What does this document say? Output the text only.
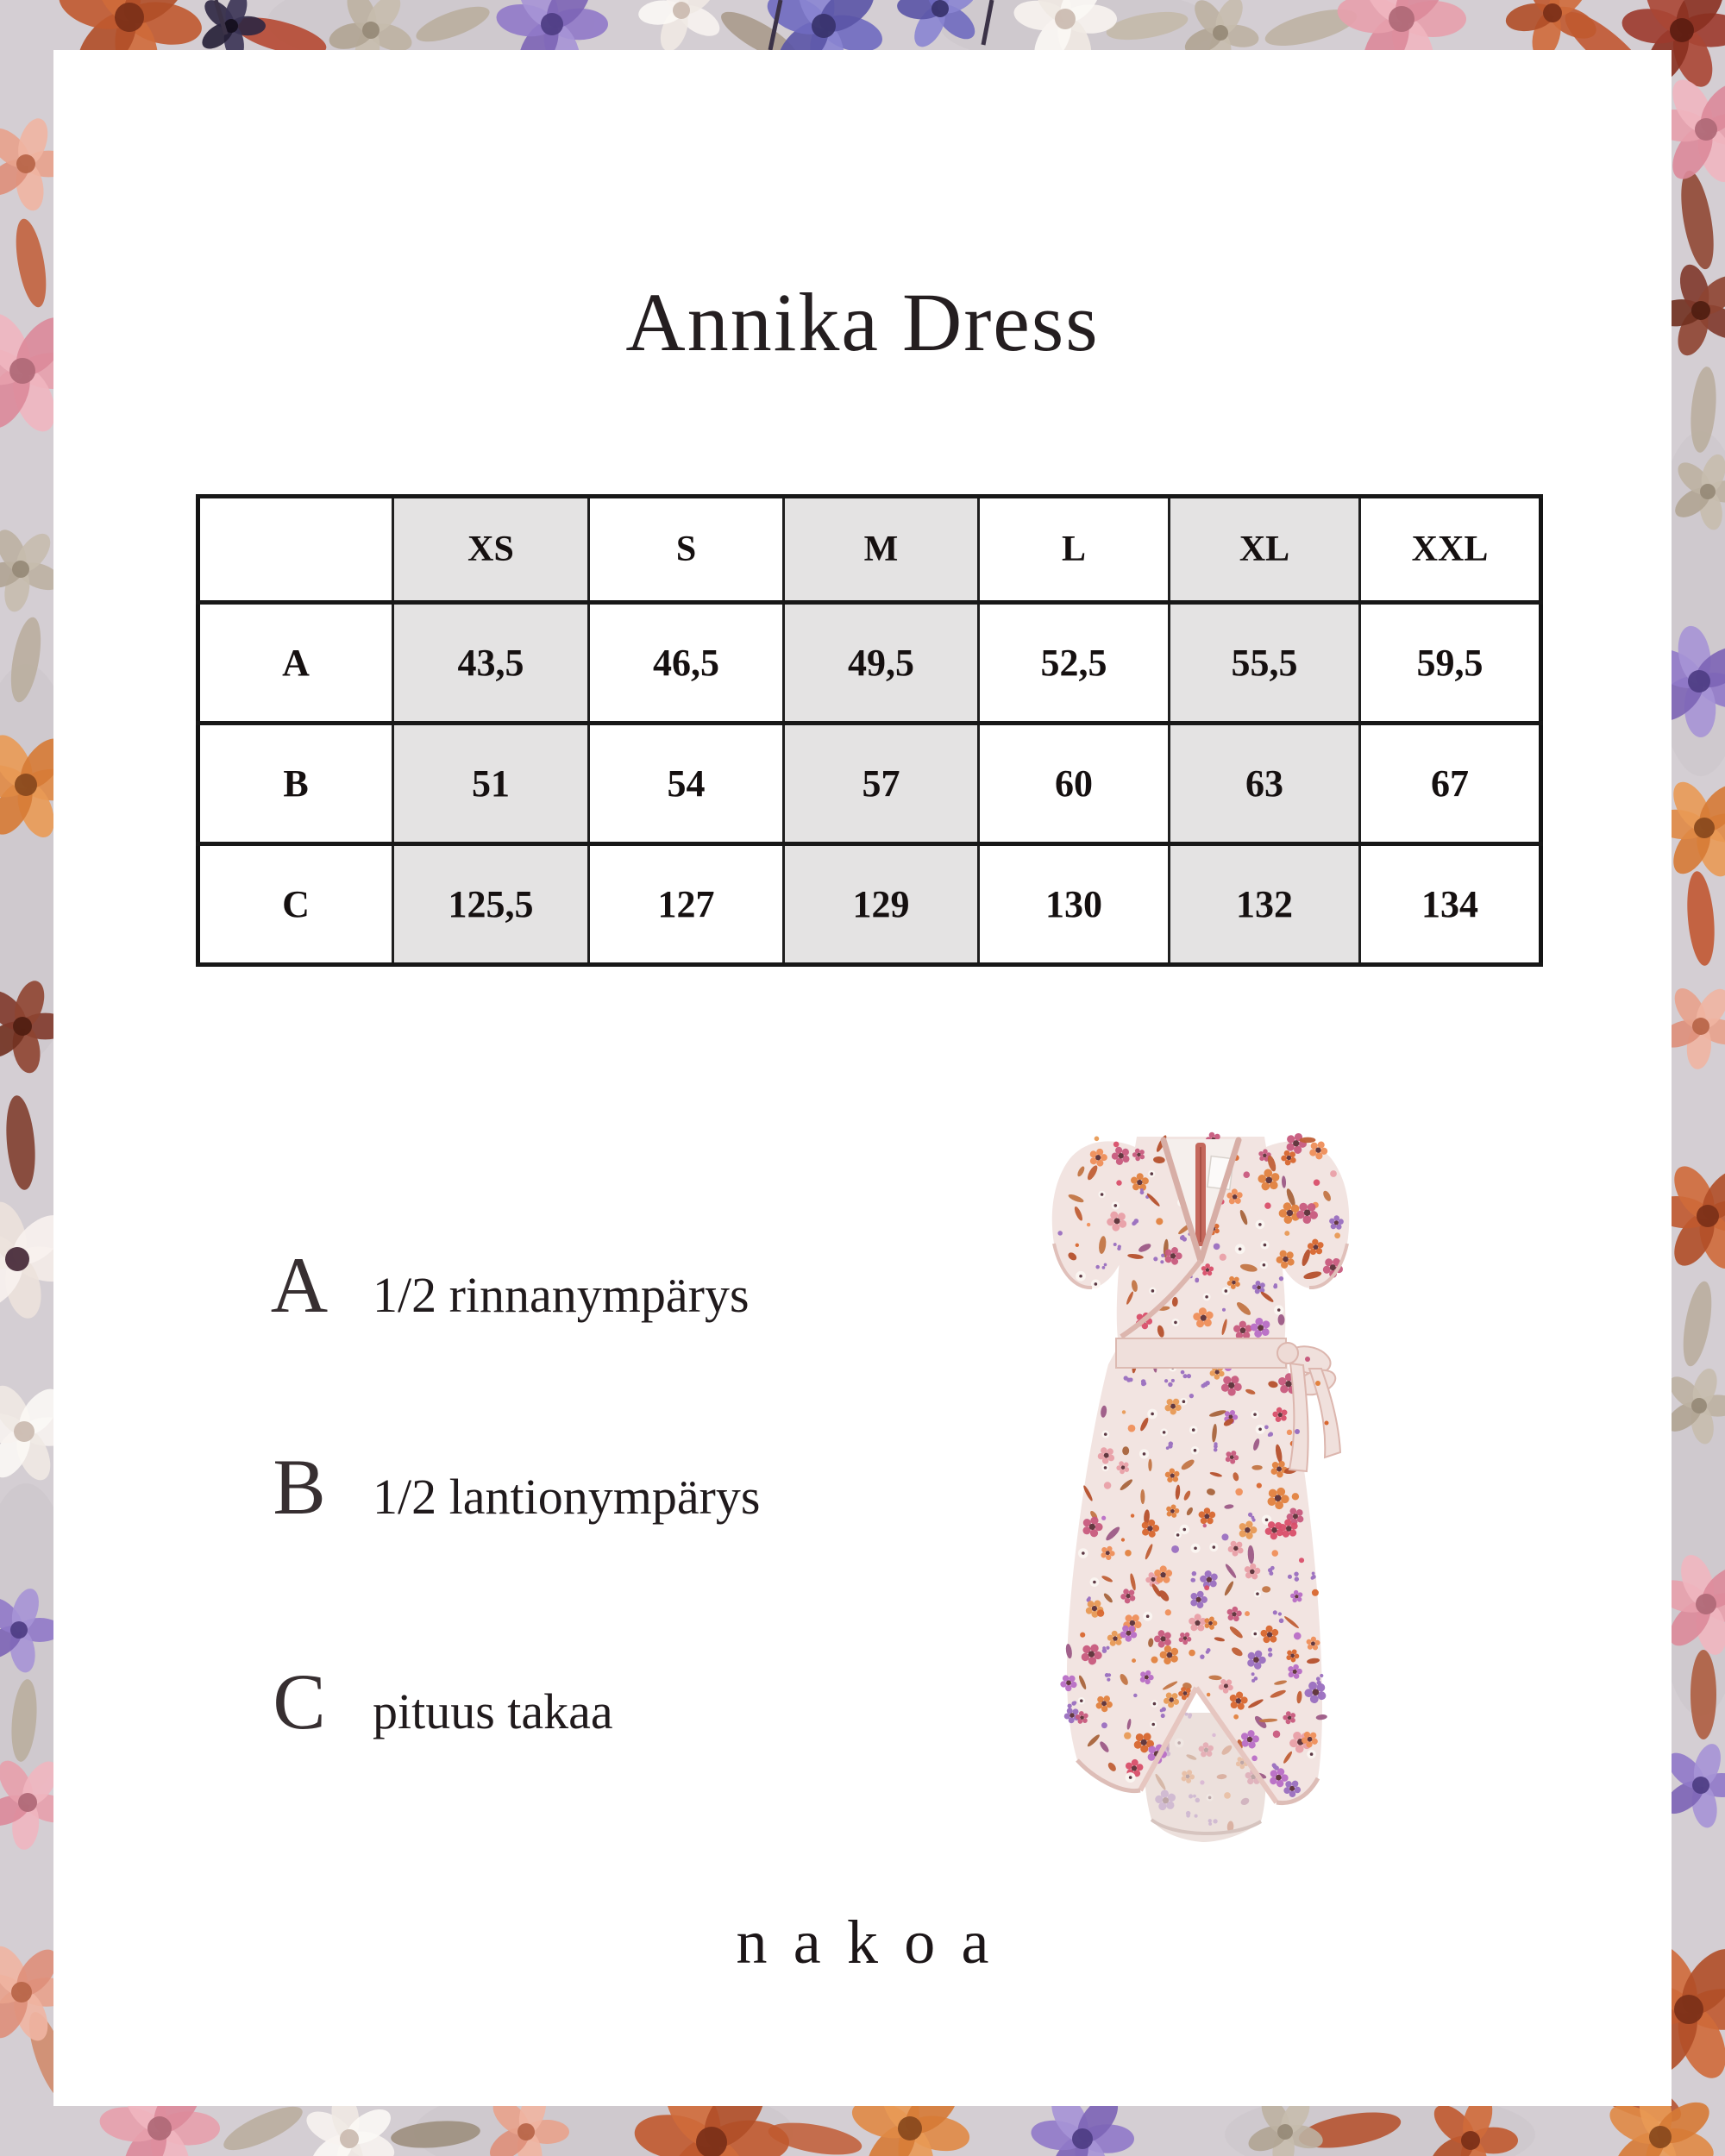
Annika Dress
	XS	S	M	L	XL	XXL
A	43,5	46,5	49,5	52,5	55,5	59,5
B	51	54	57	60	63	67
C	125,5	127	129	130	132	134
A 1/2 rinnanympärys
B 1/2 lantionympärys
C pituus takaa
nakoa
